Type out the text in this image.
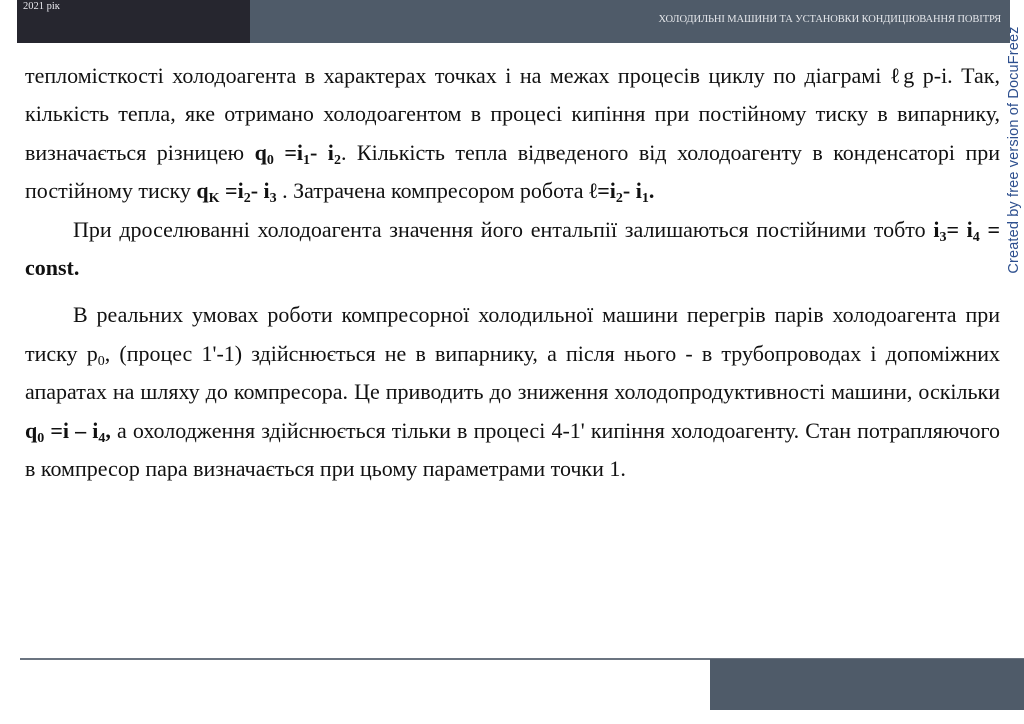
2021 рік
ХОЛОДИЛЬНІ МАШИНИ ТА УСТАНОВКИ КОНДИЦІЮВАННЯ ПОВІТРЯ
Created by free version of DocuFreez

тепломісткості холодоагента в характерах точках і на межах процесів циклу по діаграмі ℓg p-i. Так, кількість тепла, яке отримано холодоагентом в процесі кипіння при постійному тиску в випарнику, визначається різницею $q_0 =i_1-$ $i_2$. Кількість тепла відведеного від холодоагенту в конденсаторі при постійному тиску $q_K =i_2-$ $i_3$ . Затрачена компресором робота $\ell=i_2-$ $i_1$.

При дроселюванні холодоагента значення його ентальпії залишаються постійними тобто $i_3= i_4$ = const.

В реальних умовах роботи компресорної холодильної машини перегрів парів холодоагента при тиску $p_0$, (процес 1'-1) здійснюється не в випарнику, а після нього - в трубопроводах і допоміжних апаратах на шляху до компресора. Це приводить до зниження холодопродуктивності машини, оскільки $q_0 =i - i_4$, а охолодження здійснюється тільки в процесі 4-1' кипіння холодоагенту. Стан потрапляючого в компресор пара визначається при цьому параметрами точки 1.
